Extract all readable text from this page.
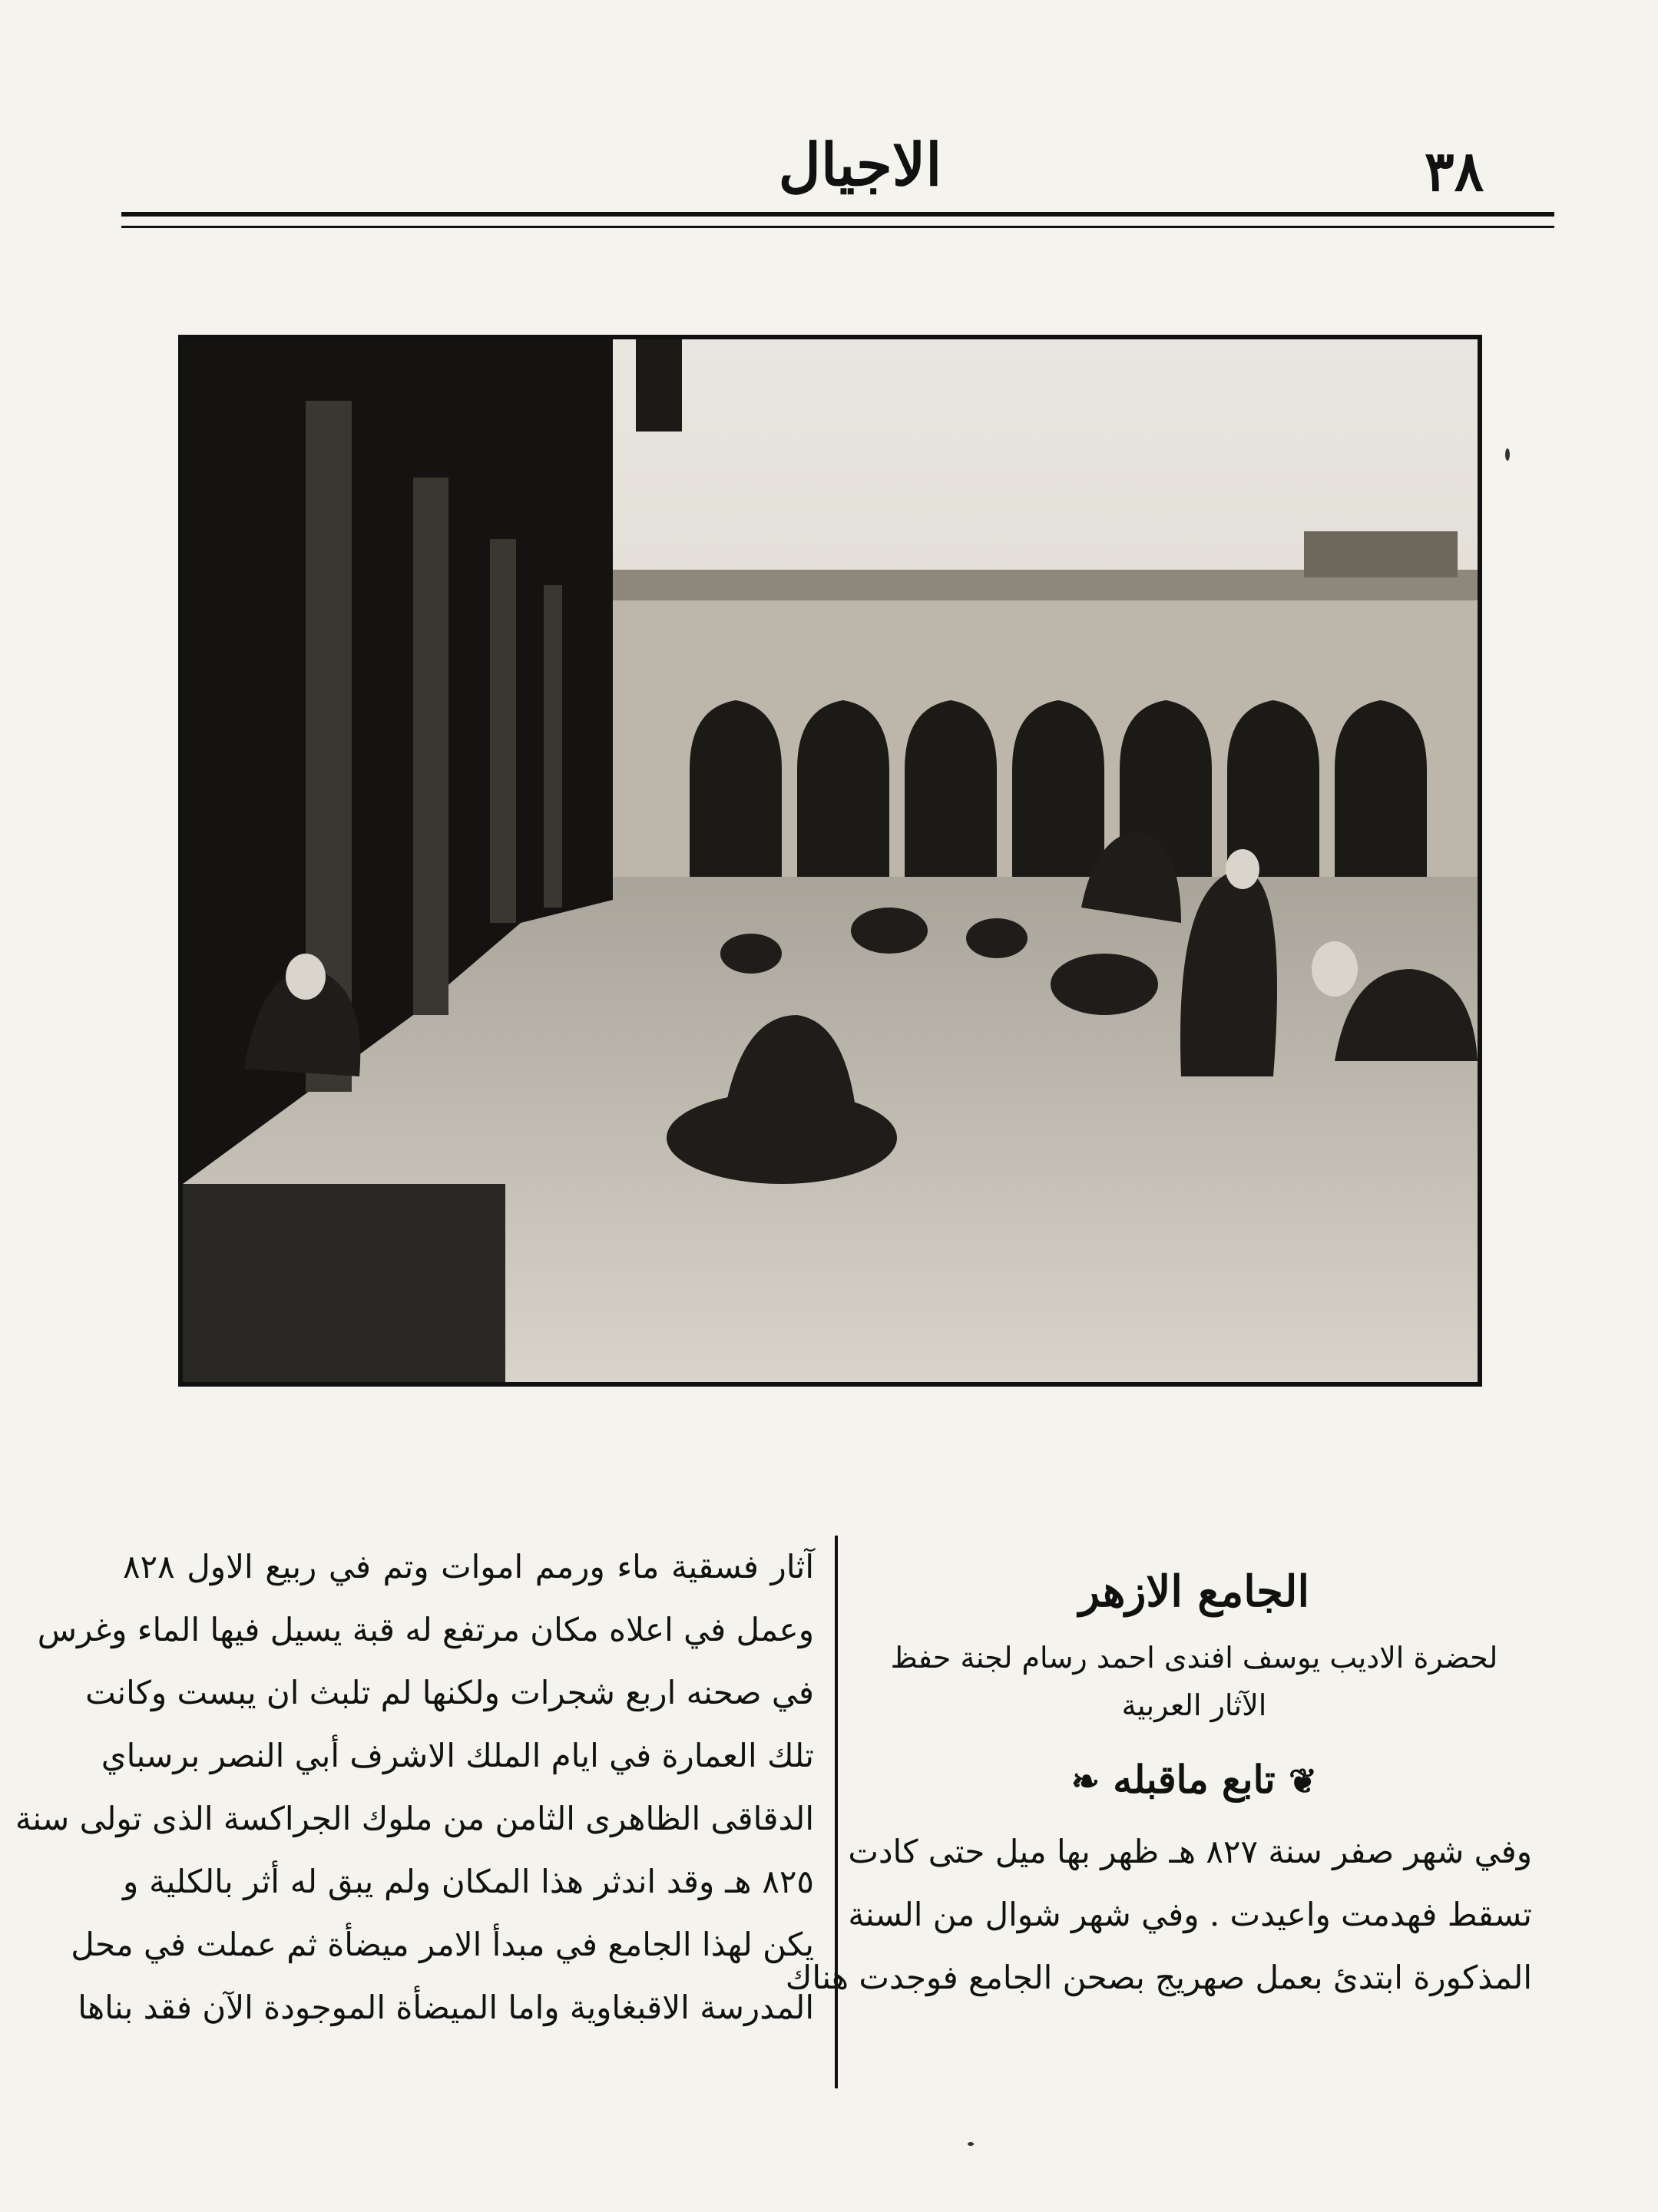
٣٨
الاجيال
الجامع الازهر

لحضرة الاديب يوسف افندى احمد رسام لجنة حفظ

الآثار العربية

❦ تابع ماقبله ❧

وفي شهر صفر سنة ٨٢٧ هـ ظهر بها ميل حتى كادت

تسقط فهدمت واعيدت . وفي شهر شوال من السنة

المذكورة ابتدئ بعمل صهريج بصحن الجامع فوجدت هناك

آثار فسقية ماء ورمم اموات وتم في ربيع الاول ٨٢٨

وعمل في اعلاه مكان مرتفع له قبة يسيل فيها الماء وغرس

في صحنه اربع شجرات ولكنها لم تلبث ان يبست وكانت

تلك العمارة في ايام الملك الاشرف أبي النصر برسباي

الدقاقى الظاهرى الثامن من ملوك الجراكسة الذى تولى سنة

٨٢٥ هـ وقد اندثر هذا المكان ولم يبق له أثر بالكلية و

يكن لهذا الجامع في مبدأ الامر ميضأة ثم عملت في محل

المدرسة الاقبغاوية واما الميضأة الموجودة الآن فقد بناها
